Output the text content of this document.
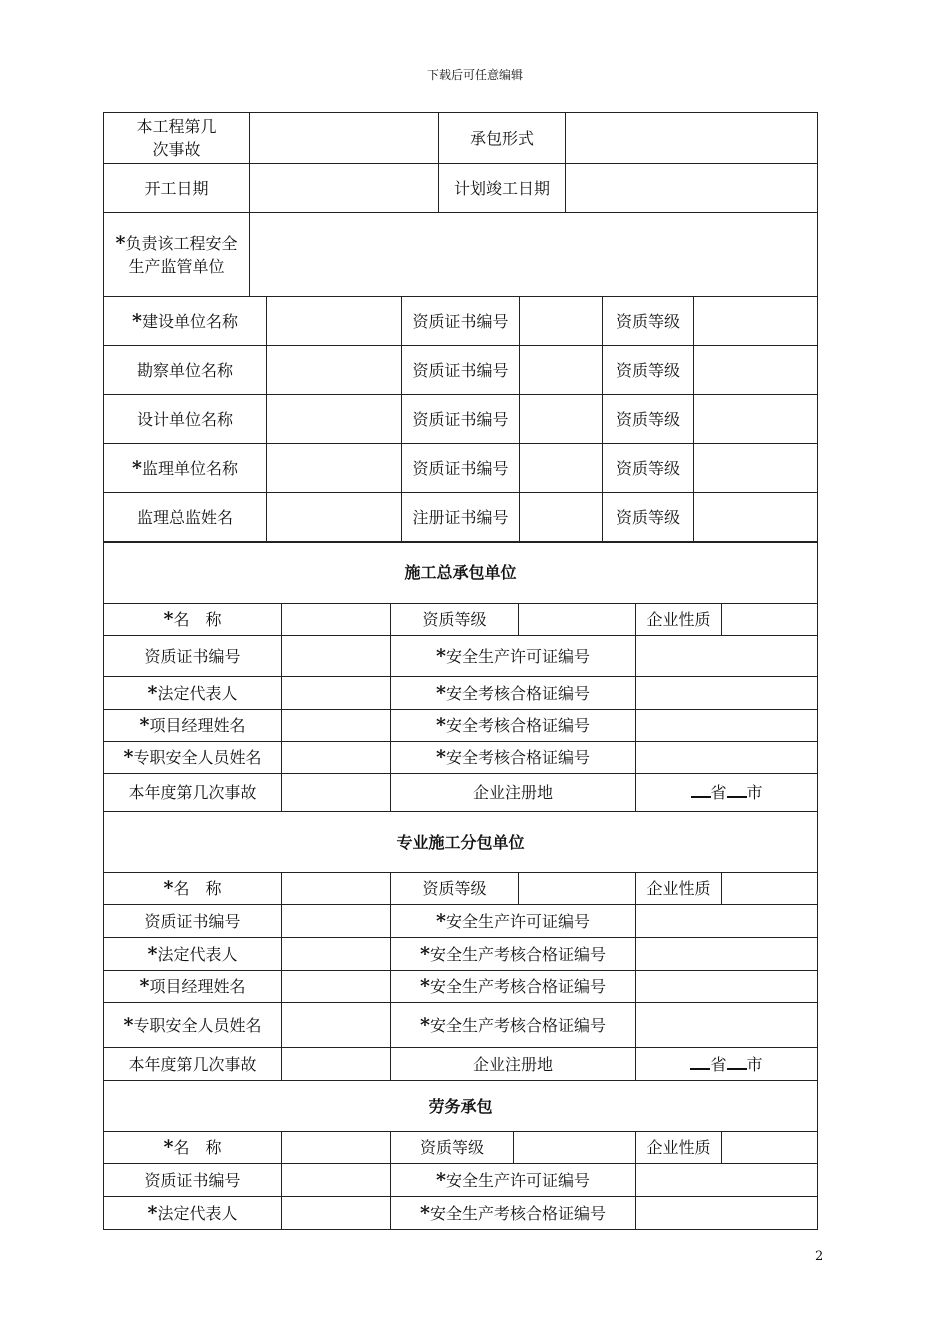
下载后可任意编辑
本工程第几次事故		承包形式	
开工日期		计划竣工日期	

*负责该工程安全生产监管单位			

*建设单位名称		资质证书编号		资质等级	
勘察单位名称		资质证书编号		资质等级	
设计单位名称		资质证书编号		资质等级	
*监理单位名称		资质证书编号		资质等级	
监理总监姓名		注册证书编号		资质等级	
施工总承包单位					
*名　称		资质等级		企业性质	
资质证书编号		*安全生产许可证编号			
*法定代表人		*安全考核合格证编号			
*项目经理姓名		*安全考核合格证编号			
*专职安全人员姓名		*安全考核合格证编号			
本年度第几次事故		企业注册地		省 市	
专业施工分包单位					
*名　称		资质等级		企业性质	
资质证书编号		*安全生产许可证编号			
*法定代表人		*安全生产考核合格证编号			
*项目经理姓名		*安全生产考核合格证编号			
*专职安全人员姓名		*安全生产考核合格证编号			
本年度第几次事故		企业注册地		省 市	
劳务承包					
*名　称		资质等级		企业性质	
资质证书编号		*安全生产许可证编号			
*法定代表人		*安全生产考核合格证编号			
2
